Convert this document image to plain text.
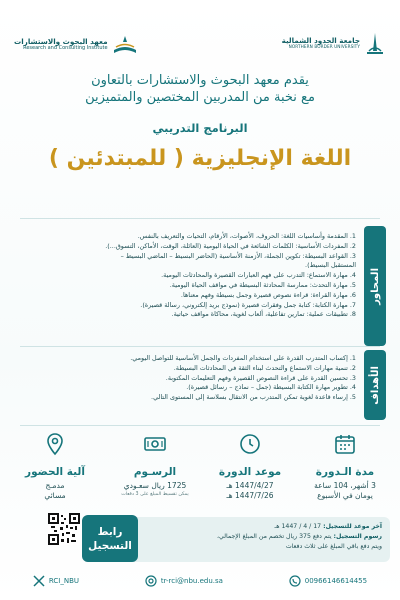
معهد البحوث والاستشارات
Research and Consulting Institute
جامعة الحدود الشمالية
NORTHERN BORDER UNIVERSITY
يقدم معهد البحوث والاستشارات بالتعاون
مع نخبة من المدربين المختصين والمتميزين
البرنامج التدريبي
اللغة الإنجليزية ( للمبتدئين )
المحاور
1. المقدمة وأساسيات اللغة: الحروف، الأصوات، الأرقام، التحيات والتعريف بالنفس.
2. المفردات الأساسية: الكلمات الشائعة في الحياة اليومية (العائلة، الوقت، الأماكن، التسوق...).
3. القواعد البسيطة: تكوين الجملة، الأزمنة الأساسية (الحاضر البسيط – الماضي البسيط –
المستقبل البسيط).
4. مهارة الاستماع: التدرب على فهم العبارات القصيرة والمحادثات اليومية.
5. مهارة التحدث: ممارسة المحادثة البسيطة في مواقف الحياة اليومية.
6. مهارة القراءة: قراءة نصوص قصيرة وجمل بسيطة وفهم معناها.
7. مهارة الكتابة: كتابة جمل وفقرات قصيرة (نموذج بريد إلكتروني، رسالة قصيرة).
8. تطبيقات عملية: تمارين تفاعلية، ألعاب لغوية، محاكاة مواقف حياتية.
الأهداف
1. إكساب المتدرب القدرة على استخدام المفردات والجمل الأساسية للتواصل اليومي.
2. تنمية مهارات الاستماع والتحدث لبناء الثقة في المحادثات البسيطة.
3. تحسين القدرة على قراءة النصوص القصيرة وفهم التعليمات المكتوبة.
4. تطوير مهارة الكتابة البسيطة (جمل – نماذج – رسائل قصيرة).
5. إرساء قاعدة لغوية تمكن المتدرب من الانتقال بسلاسة إلى المستوى التالي.
مدة الـدورة
3 أشهر، 104 ساعة
يومان في الأسبوع
موعد الدورة
1447/4/27 هـ
1447/7/26 هـ
الرسـوم
1725 ريال سعـودي
يمكن تقسيط المبلغ على 3 دفعات
آلية الحضور
مدمـج
مسائي
آخر موعد للتسجيل: 17 / 4 / 1447 هـ
رسوم التسجيل: يتم دفع 375 ريال تخصم من المبلغ الإجمالي،
ويتم دفع باقي المبلغ على ثلاث دفعات
رابط
التسجيل
RCI_NBU	tr-rci@nbu.edu.sa	00966146614455
